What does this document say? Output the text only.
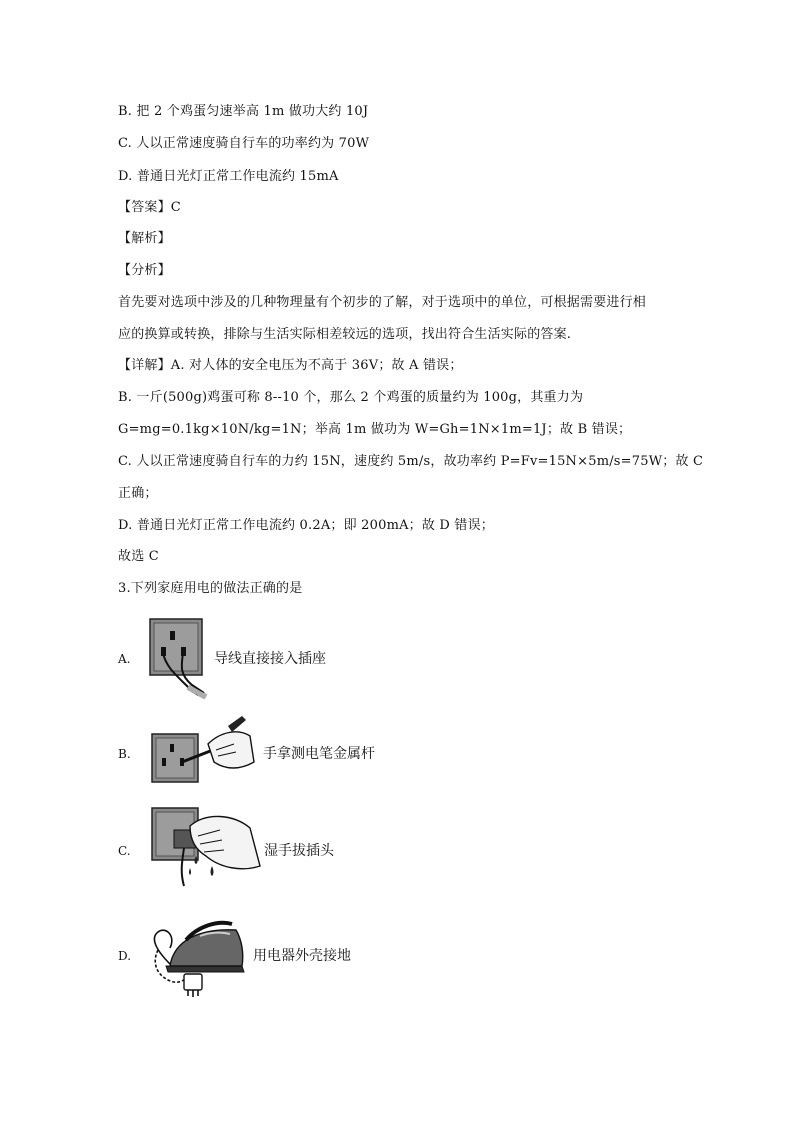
B. 把 2 个鸡蛋匀速举高 1m 做功大约 10J
C. 人以正常速度骑自行车的功率约为 70W
D. 普通日光灯正常工作电流约 15mA
【答案】C
【解析】
【分析】
首先要对选项中涉及的几种物理量有个初步的了解，对于选项中的单位，可根据需要进行相
应的换算或转换，排除与生活实际相差较远的选项，找出符合生活实际的答案.
【详解】A. 对人体的安全电压为不高于 36V；故 A 错误；
B. 一斤(500g)鸡蛋可称 8--10 个，那么 2 个鸡蛋的质量约为 100g，其重力为
G=mg=0.1kg×10N/kg=1N；举高 1m 做功为 W=Gh=1N×1m=1J；故 B 错误；
C. 人以正常速度骑自行车的力约 15N，速度约 5m/s，故功率约 P=Fv=15N×5m/s=75W；故 C
正确；
D. 普通日光灯正常工作电流约 0.2A；即 200mA；故 D 错误；
故选 C
3.下列家庭用电的做法正确的是
A.	导线直接接入插座
B.	手拿测电笔金属杆
C.	湿手拔插头
D.	用电器外壳接地
